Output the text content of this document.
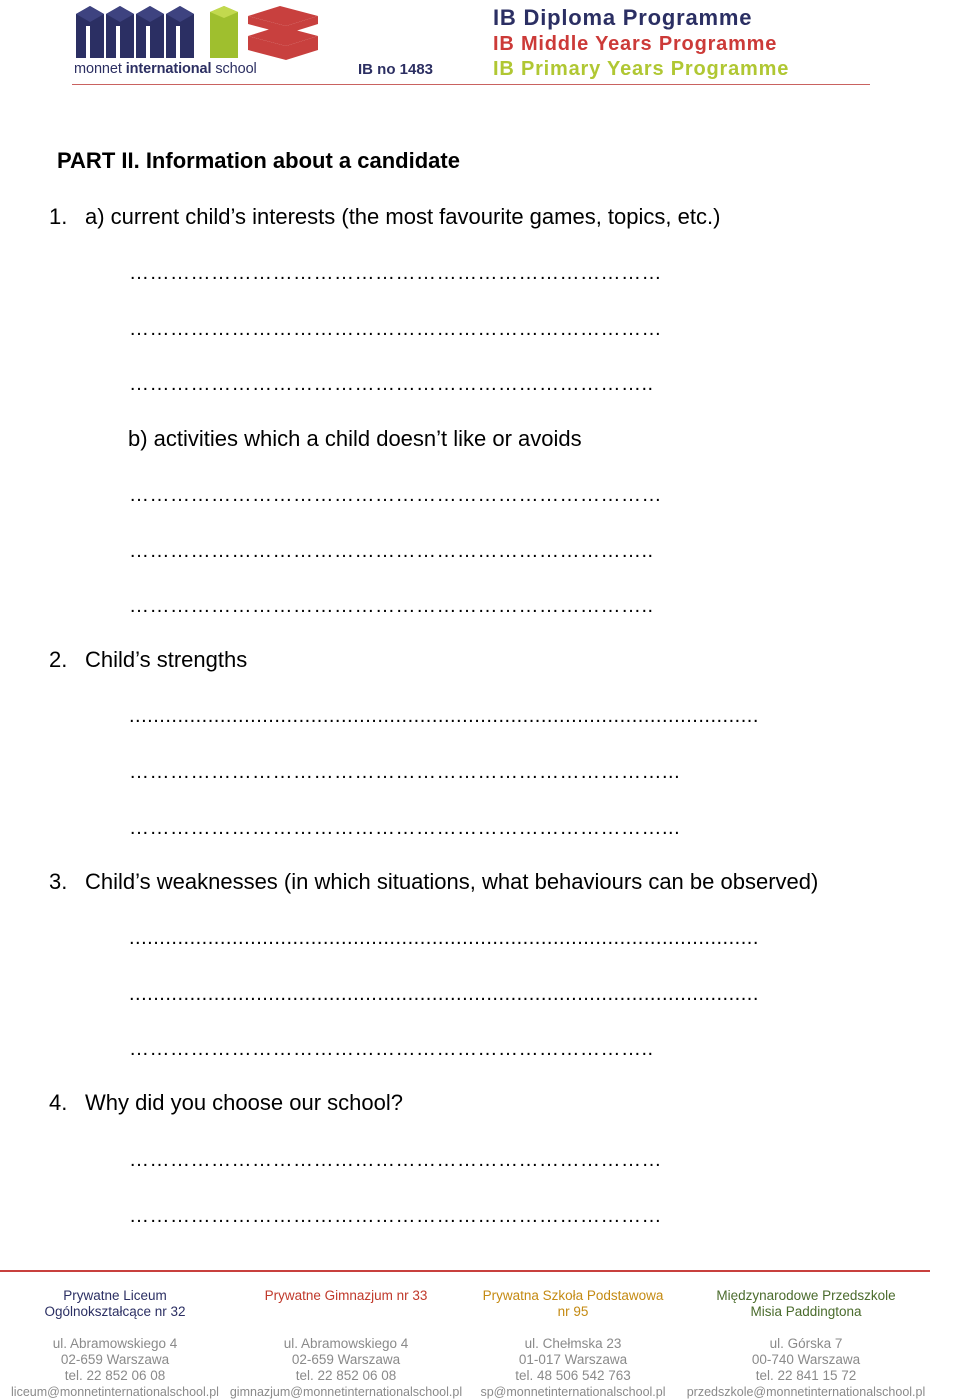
monnet international school	IB no 1483
IB Diploma Programme
IB Middle Years Programme
IB Primary Years Programme
PART II. Information about a candidate
1. a) current child’s interests (the most favourite games, topics, etc.)
……………………………………………………………………
……………………………………………………………………
…………………………………………………………………..
b) activities which a child doesn’t like or avoids
……………………………………………………………………
…………………………………………………………………..
…………………………………………………………………..
2. Child’s strengths
........................................................................................................
……………………………………………………………………...
……………………………………………………………………...
3. Child’s weaknesses (in which situations, what behaviours can be observed)
........................................................................................................
........................................................................................................
…………………………………………………………………..
4. Why did you choose our school?
……………………………………………………………………
……………………………………………………………………
Prywatne Liceum
Ogólnokształcące nr 32
ul. Abramowskiego 4
02-659 Warszawa
tel. 22 852 06 08
liceum@monnetinternationalschool.pl
Prywatne Gimnazjum nr 33
ul. Abramowskiego 4
02-659 Warszawa
tel. 22 852 06 08
gimnazjum@monnetinternationalschool.pl
Prywatna Szkoła Podstawowa
nr 95
ul. Chełmska 23
01-017 Warszawa
tel. 48 506 542 763
sp@monnetinternationalschool.pl
Międzynarodowe Przedszkole
Misia Paddingtona
ul. Górska 7
00-740 Warszawa
tel. 22 841 15 72
przedszkole@monnetinternationalschool.pl
